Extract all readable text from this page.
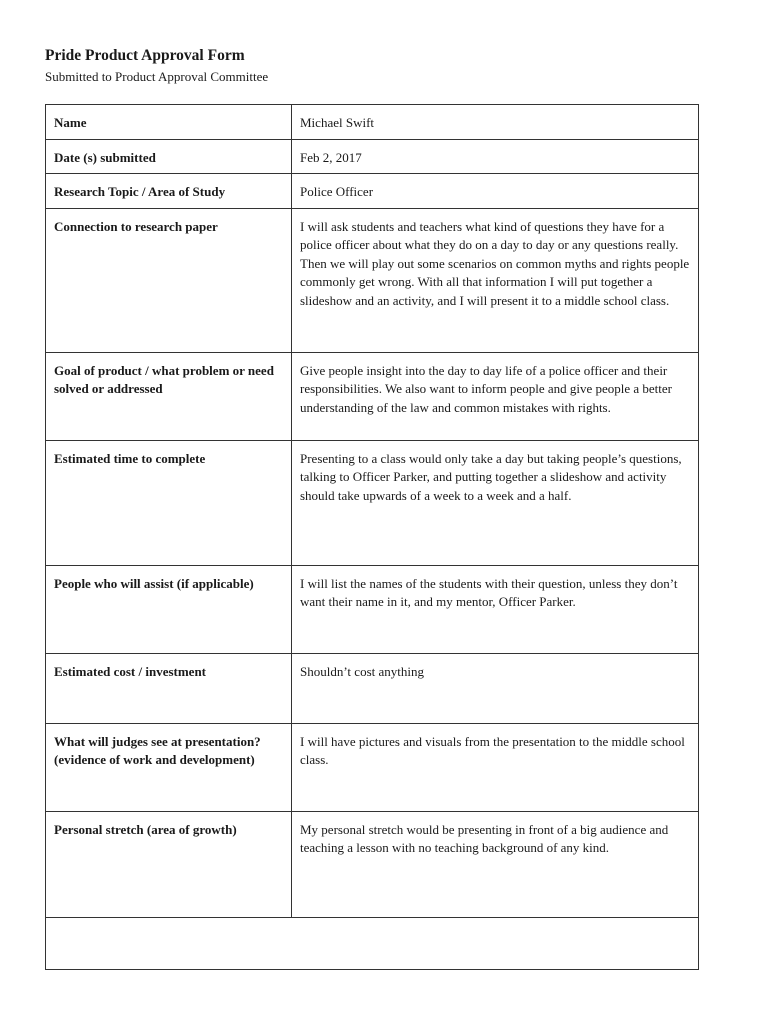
Pride Product Approval Form

Submitted to Product Approval Committee

Name	Michael Swift
Date (s) submitted	Feb 2, 2017
Research Topic / Area of Study	Police Officer
Connection to research paper	I will ask students and teachers what kind of questions they have for a police officer about what they do on a day to day or any questions really. Then we will play out some scenarios on common myths and rights people commonly get wrong. With all that information I will put together a slideshow and an activity, and I will present it to a middle school class.
Goal of product / what problem or need solved or addressed	Give people insight into the day to day life of a police officer and their responsibilities. We also want to inform people and give people a better understanding of the law and common mistakes with rights.
Estimated time to complete	Presenting to a class would only take a day but taking people’s questions, talking to Officer Parker, and putting together a slideshow and activity should take upwards of a week to a week and a half.
People who will assist (if applicable)	I will list the names of the students with their question, unless they don’t want their name in it, and my mentor, Officer Parker.
Estimated cost / investment	Shouldn’t cost anything
What will judges see at presentation? (evidence of work and development)	I will have pictures and visuals from the presentation to the middle school class.
Personal stretch (area of growth)	My personal stretch would be presenting in front of a big audience and teaching a lesson with no teaching background of any kind.
